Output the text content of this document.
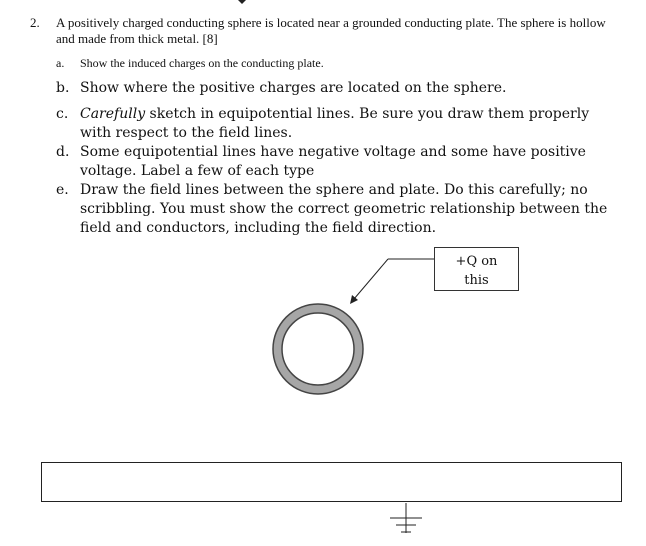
2. A positively charged conducting sphere is located near a grounded conducting plate. The sphere is hollow and made from thick metal. [8]
a. Show the induced charges on the conducting plate.
b. Show where the positive charges are located on the sphere.
c. Carefully sketch in equipotential lines. Be sure you draw them properly with respect to the field lines.
d. Some equipotential lines have negative voltage and some have positive voltage. Label a few of each type
e. Draw the field lines between the sphere and plate. Do this carefully; no scribbling. You must show the correct geometric relationship between the field and conductors, including the field direction.
+Q on
this
